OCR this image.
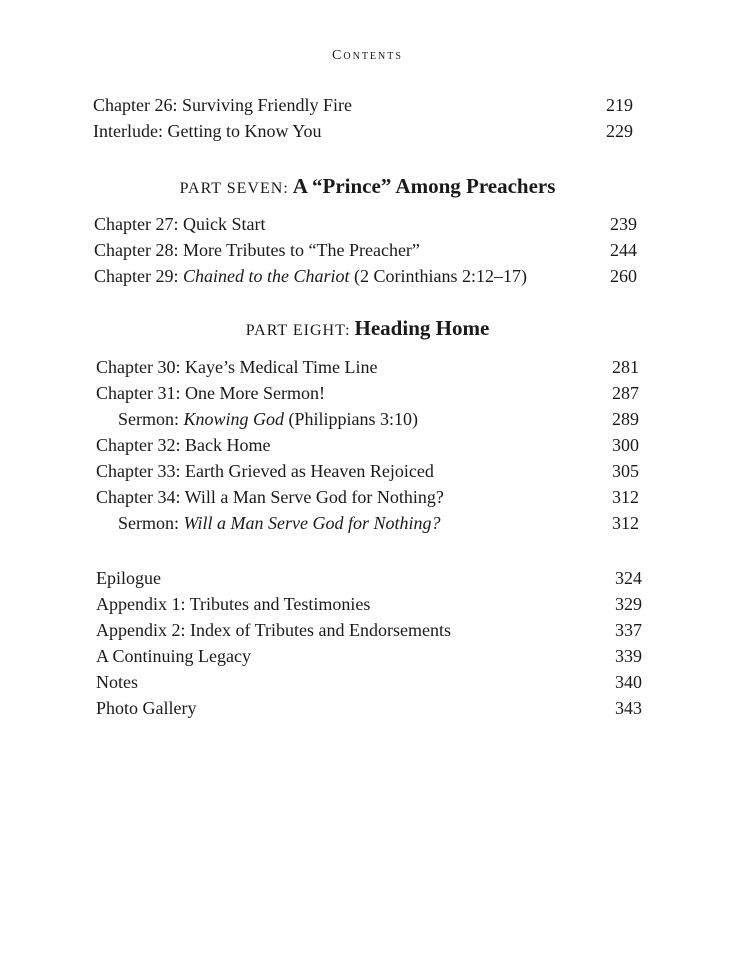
Contents
Chapter 26: Surviving Friendly Fire	219
Interlude: Getting to Know You	229
PART SEVEN: A “Prince” Among Preachers
Chapter 27: Quick Start	239
Chapter 28: More Tributes to “The Preacher”	244
Chapter 29: Chained to the Chariot (2 Corinthians 2:12–17)	260
PART EIGHT: Heading Home
Chapter 30: Kaye’s Medical Time Line	281
Chapter 31: One More Sermon!	287
Sermon: Knowing God (Philippians 3:10)	289
Chapter 32: Back Home	300
Chapter 33: Earth Grieved as Heaven Rejoiced	305
Chapter 34: Will a Man Serve God for Nothing?	312
Sermon: Will a Man Serve God for Nothing?	312
Epilogue	324
Appendix 1: Tributes and Testimonies	329
Appendix 2: Index of Tributes and Endorsements	337
A Continuing Legacy	339
Notes	340
Photo Gallery	343
